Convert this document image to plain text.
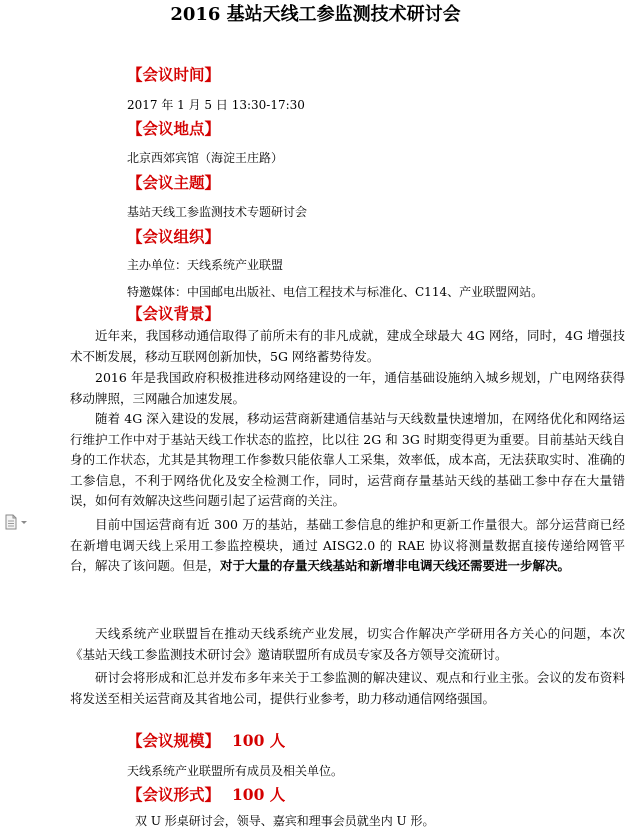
2016 基站天线工参监测技术研讨会
【会议时间】
2017 年 1 月 5 日 13:30-17:30
【会议地点】
北京西郊宾馆（海淀王庄路）
【会议主题】
基站天线工参监测技术专题研讨会
【会议组织】
主办单位：天线系统产业联盟
特邀媒体：中国邮电出版社、电信工程技术与标准化、C114、产业联盟网站。
【会议背景】
近年来，我国移动通信取得了前所未有的非凡成就，建成全球最大 4G 网络，同时，4G 增强技术不断发展，移动互联网创新加快，5G 网络蓄势待发。
2016 年是我国政府积极推进移动网络建设的一年，通信基础设施纳入城乡规划，广电网络获得移动牌照，三网融合加速发展。
随着 4G 深入建设的发展，移动运营商新建通信基站与天线数量快速增加，在网络优化和网络运行维护工作中对于基站天线工作状态的监控，比以往 2G 和 3G 时期变得更为重要。目前基站天线自身的工作状态，尤其是其物理工作参数只能依靠人工采集，效率低，成本高，无法获取实时、准确的工参信息，不利于网络优化及安全检测工作，同时，运营商存量基站天线的基础工参中存在大量错误，如何有效解决这些问题引起了运营商的关注。
目前中国运营商有近 300 万的基站，基础工参信息的维护和更新工作量很大。部分运营商已经在新增电调天线上采用工参监控模块，通过 AISG2.0 的 RAE 协议将测量数据直接传递给网管平台，解决了该问题。但是，对于大量的存量天线基站和新增非电调天线还需要进一步解决。
天线系统产业联盟旨在推动天线系统产业发展，切实合作解决产学研用各方关心的问题，本次《基站天线工参监测技术研讨会》邀请联盟所有成员专家及各方领导交流研讨。
研讨会将形成和汇总并发布多年来关于工参监测的解决建议、观点和行业主张。会议的发布资料将发送至相关运营商及其省地公司，提供行业参考，助力移动通信网络强国。
【会议规模】 100 人
天线系统产业联盟所有成员及相关单位。
【会议形式】 100 人
双 U 形桌研讨会，领导、嘉宾和理事会员就坐内 U 形。
